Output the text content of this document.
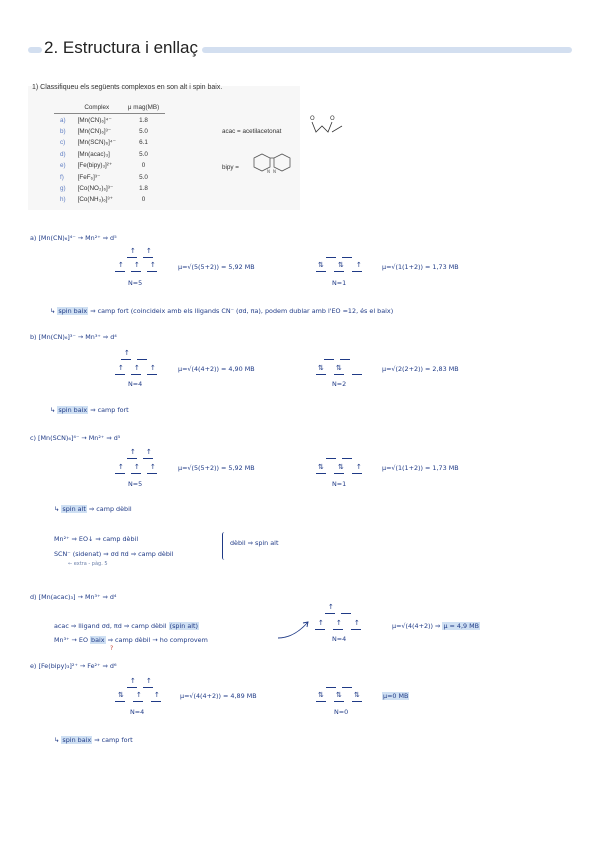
2. Estructura i enllaç
	Complex	μ mag(MB)
a)	[Mn(CN)₆]⁴⁻	1.8
b)	[Mn(CN)₆]³⁻	5.0
c)	[Mn(SCN)₆]⁴⁻	6.1
d)	[Mn(acac)₃]	5.0
e)	[Fe(bipy)₃]²⁺	0
f)	[FeF₆]³⁻	5.0
g)	[Co(NO₂)₆]³⁻	1.8
h)	[Co(NH₃)₆]³⁺	0
acac = acetilacetonat
bipy =
N N
1) Classifiqueu els següents complexos en son alt i spin baix.
O	O
a) [Mn(CN)₆]⁴⁻ → Mn²⁺ ⇒ d⁵
↑ ↑
↑ ↑ ↑
N=5
μ=√(5(5+2)) = 5,92 MB	⇅ ⇅ ↑
N=1
μ=√(1(1+2)) = 1,73 MB
↳ spin baix ⇒ camp fort (coincideix amb els lligands CN⁻ (σd, πa), podem dublar amb l'EO =12, és el baix)
b) [Mn(CN)₆]³⁻ → Mn³⁺ ⇒ d⁴
↑
↑ ↑ ↑
N=4
μ=√(4(4+2)) = 4,90 MB	⇅ ⇅
N=2
μ=√(2(2+2)) = 2,83 MB
↳ spin baix ⇒ camp fort
c) [Mn(SCN)₆]⁴⁻ → Mn²⁺ ⇒ d⁵
↑ ↑
↑ ↑ ↑
N=5
μ=√(5(5+2)) = 5,92 MB	⇅ ⇅ ↑
N=1
μ=√(1(1+2)) = 1,73 MB
↳ spin alt ⇒ camp dèbil
Mn²⁺ ⇒ EO↓ ⇒ camp dèbil
SCN⁻ (sidenat) ⇒ σd πd ⇒ camp dèbil
dèbil ⇒ spin alt
← extra - pàg. 5
d) [Mn(acac)₃] → Mn³⁺ ⇒ d⁴
acac ⇒ lligand σd, πd ⇒ camp dèbil (spin alt)
Mn³⁺ → EO baix ⇒ camp dèbil → ho comprovem
?
↑
↑ ↑ ↑
N=4
μ=√(4(4+2)) ⇒ μ = 4,9 MB
e) [Fe(bipy)₃]²⁺ → Fe²⁺ ⇒ d⁶
↑ ↑
⇅ ↑ ↑
N=4
μ=√(4(4+2)) = 4,89 MB	⇅ ⇅ ⇅
N=0
μ=0 MB
↳ spin baix ⇒ camp fort
